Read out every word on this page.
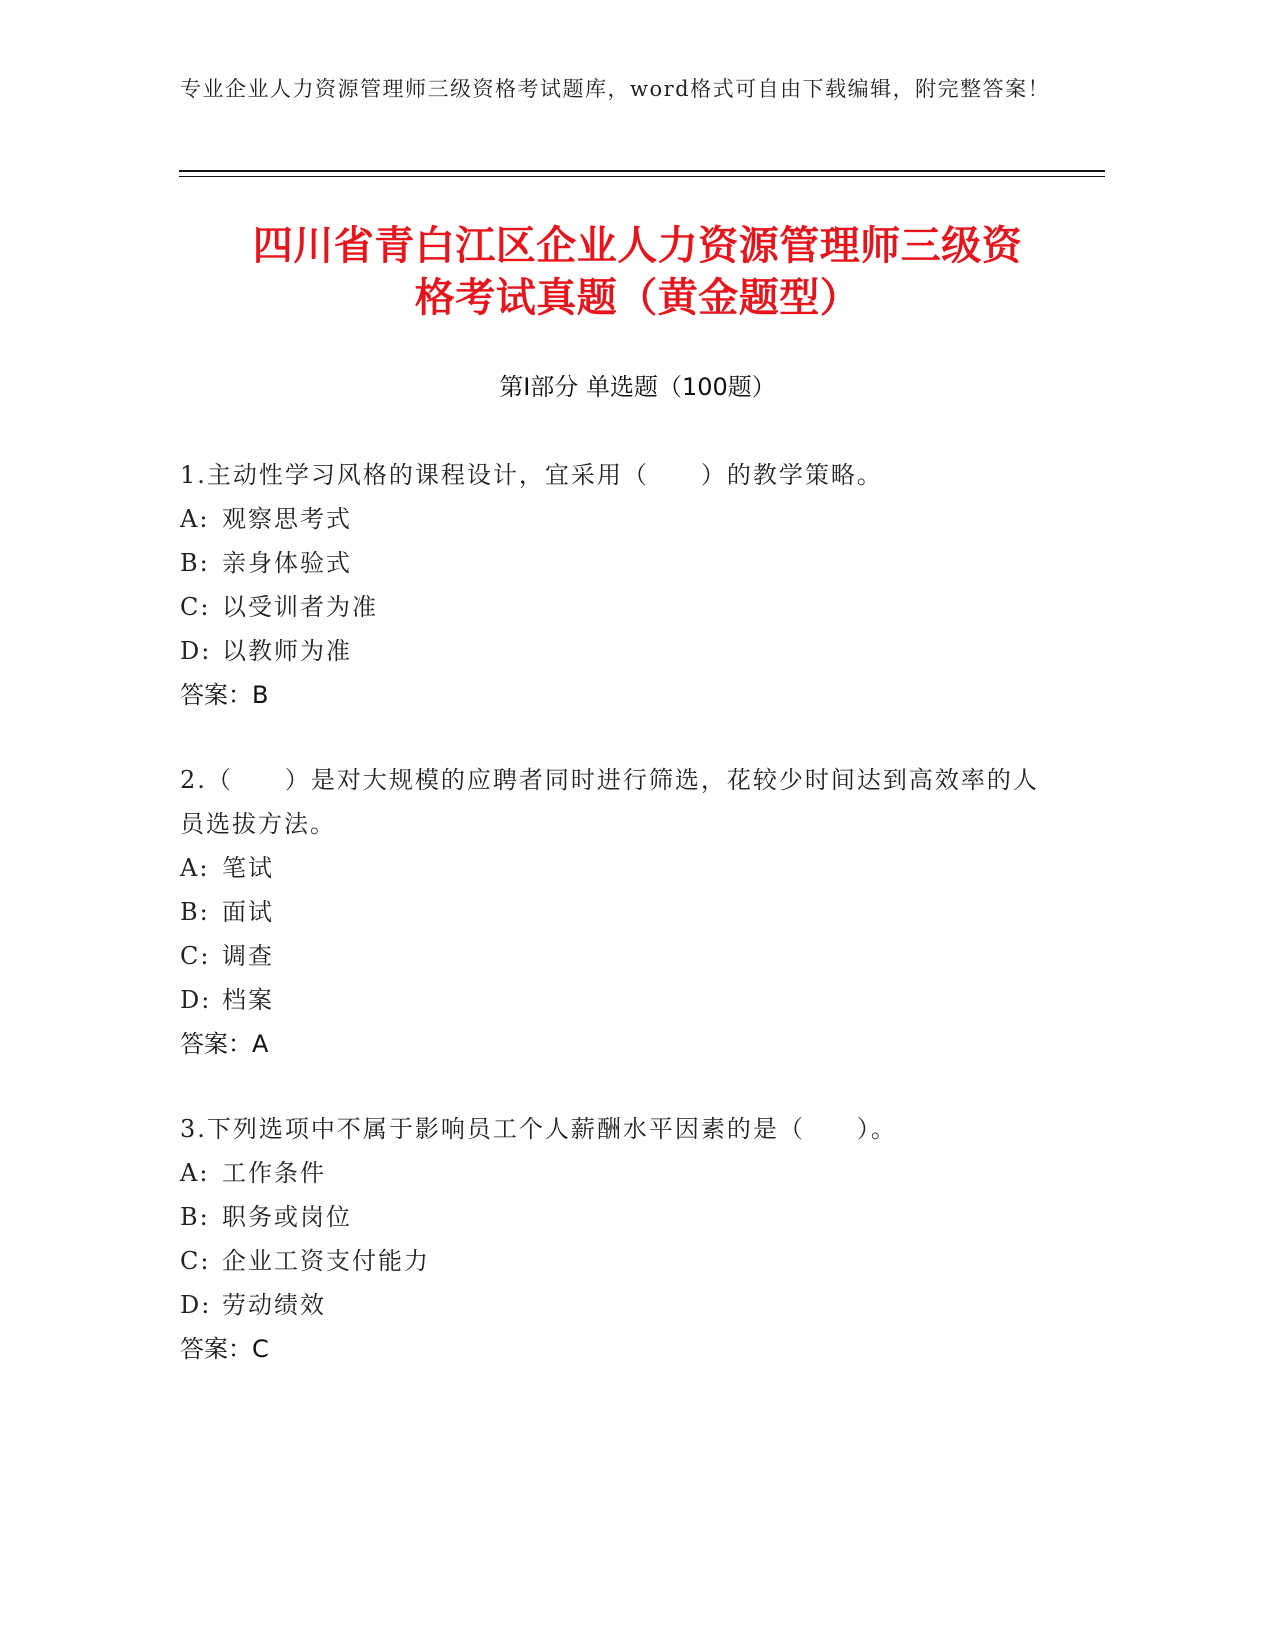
专业企业人力资源管理师三级资格考试题库，word格式可自由下载编辑，附完整答案！
四川省青白江区企业人力资源管理师三级资
格考试真题（黄金题型）
第I部分 单选题（100题）
1.主动性学习风格的课程设计，宜采用（　　）的教学策略。
A: 观察思考式
B: 亲身体验式
C: 以受训者为准
D: 以教师为准
答案：B
2.（　　）是对大规模的应聘者同时进行筛选，花较少时间达到高效率的人员选拔方法。
A: 笔试
B: 面试
C: 调查
D: 档案
答案：A
3.下列选项中不属于影响员工个人薪酬水平因素的是（　　）。
A: 工作条件
B: 职务或岗位
C: 企业工资支付能力
D: 劳动绩效
答案：C
